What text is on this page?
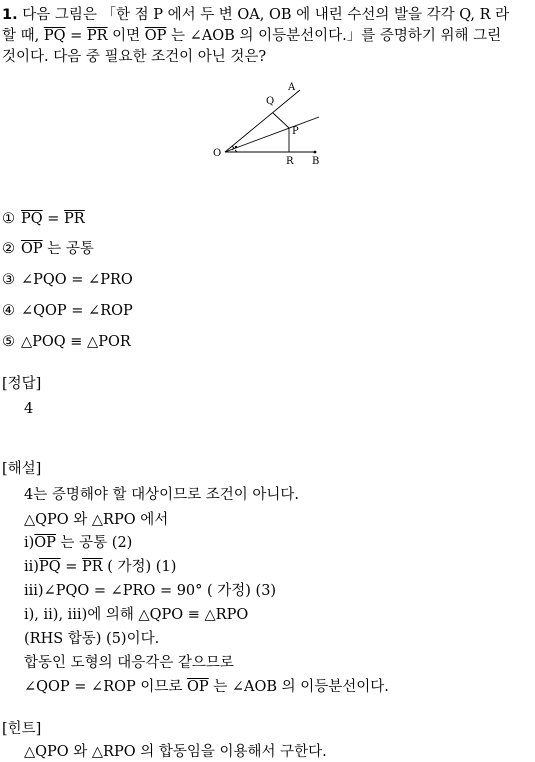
1. 다음 그림은 「한 점 P 에서 두 변 OA, OB 에 내린 수선의 발을 각각 Q, R 라
할 때, $\overline{PQ} = \overline{PR}$ 이면 $\overline{OP}$ 는 ∠AOB 의 이등분선이다.」를 증명하기 위해 그린
것이다. 다음 중 필요한 조건이 아닌 것은?
A
Q
P
O
R B
① $\overline{PQ} = \overline{PR}$
② $\overline{OP}$ 는 공통
③ ∠PQO = ∠PRO
④ ∠QOP = ∠ROP
⑤ △POQ ≡ △POR
[정답]
4
[해설]
4는 증명해야 할 대상이므로 조건이 아니다.
△QPO 와 △RPO 에서
$ⅰ)\overline{OP}$ 는 공통 (2)
$ⅱ)\overline{PQ} = \overline{PR}$ ( 가정) (1)
ⅲ)∠PQO = ∠PRO = 90° ( 가정) (3)
ⅰ), ⅱ), ⅲ)에 의해 △QPO ≡ △RPO
(RHS 합동) (5)이다.
합동인 도형의 대응각은 같으므로
∠QOP = ∠ROP 이므로 $\overline{OP}$ 는 ∠AOB 의 이등분선이다.
[힌트]
△QPO 와 △RPO 의 합동임을 이용해서 구한다.
